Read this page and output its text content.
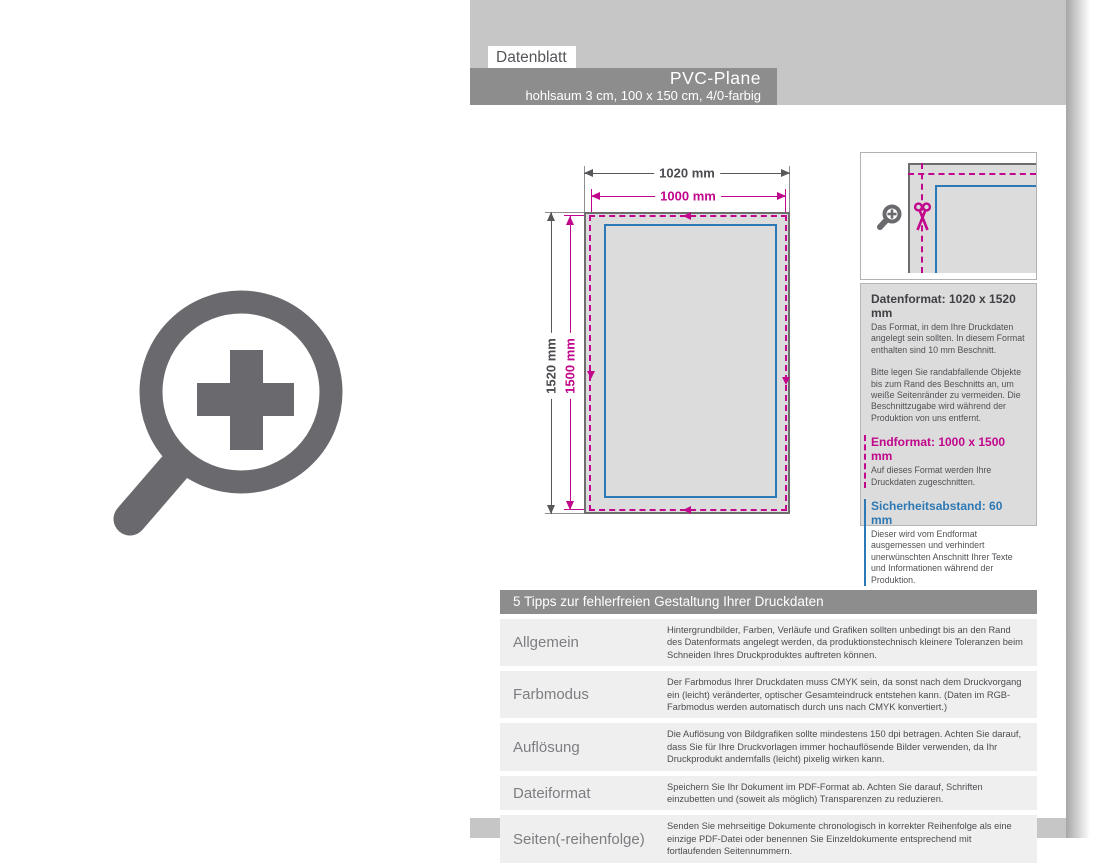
Datenblatt
PVC-Plane
hohlsaum 3 cm, 100 x 150 cm, 4/0-farbig
1020 mm
1000 mm
1520 mm 1500 mm
Datenformat: 1020 x 1520 mm

Das Format, in dem Ihre Druckdaten angelegt sein sollten. In diesem Format enthalten sind 10 mm Beschnitt.

Bitte legen Sie randabfallende Objekte bis zum Rand des Beschnitts an, um weiße Seitenränder zu vermeiden. Die Beschnittzugabe wird während der Produktion von uns entfernt.

Endformat: 1000 x 1500 mm

Auf dieses Format werden Ihre Druckdaten zugeschnitten.

Sicherheitsabstand: 60 mm

Dieser wird vom Endformat ausgemessen und verhindert unerwünschten Anschnitt Ihrer Texte und Informationen während der Produktion.

5 Tipps zur fehlerfreien Gestaltung Ihrer Druckdaten
Allgemein
Hintergrundbilder, Farben, Verläufe und Grafiken sollten unbedingt bis an den Rand des Datenformats angelegt werden, da produktionstechnisch kleinere Toleranzen beim Schneiden Ihres Druckproduktes auftreten können.
Farbmodus
Der Farbmodus Ihrer Druckdaten muss CMYK sein, da sonst nach dem Druckvorgang ein (leicht) veränderter, optischer Gesamteindruck entstehen kann. (Daten im RGB-Farbmodus werden automatisch durch uns nach CMYK konvertiert.)
Auflösung
Die Auflösung von Bildgrafiken sollte mindestens 150 dpi betragen. Achten Sie darauf, dass Sie für Ihre Druckvorlagen immer hochauflösende Bilder verwenden, da Ihr Druckprodukt andernfalls (leicht) pixelig wirken kann.
Dateiformat	Speichern Sie Ihr Dokument im PDF-Format ab. Achten Sie darauf, Schriften einzubetten und (soweit als möglich) Transparenzen zu reduzieren.
Seiten(-reihenfolge)
Senden Sie mehrseitige Dokumente chronologisch in korrekter Reihenfolge als eine einzige PDF-Datei oder benennen Sie Einzeldokumente entsprechend mit fortlaufenden Seitennummern.
